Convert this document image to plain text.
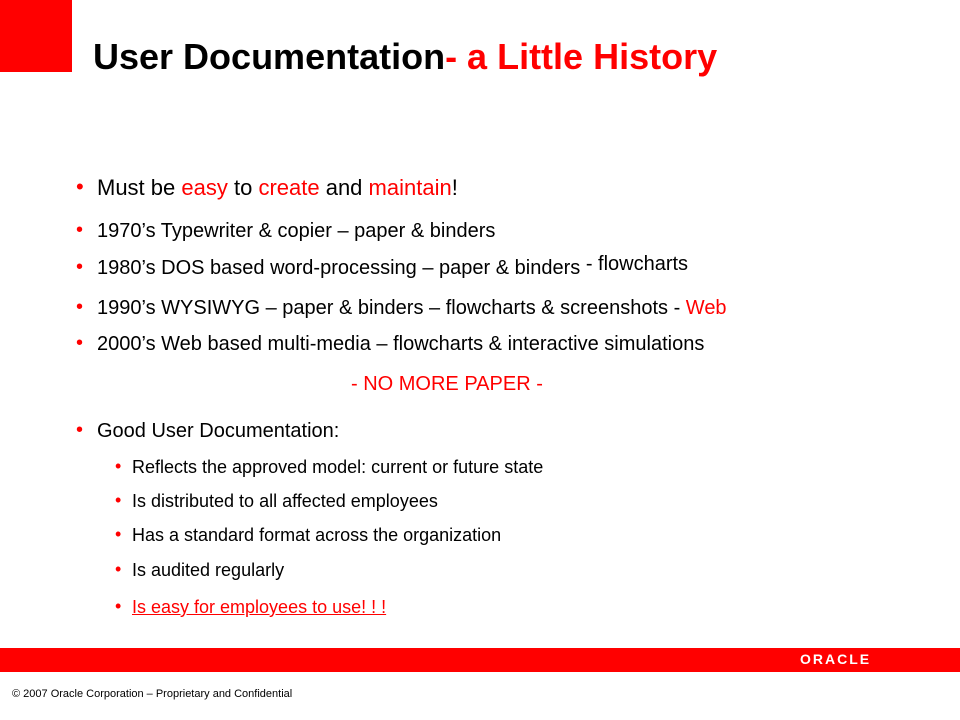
User Documentation- a Little History
• Must be easy to create and maintain!
• 1970’s Typewriter & copier – paper & binders
• 1980’s DOS based word-processing – paper & binders - flowcharts
• 1990’s WYSIWYG – paper & binders – flowcharts & screenshots - Web
• 2000’s Web based multi-media – flowcharts & interactive simulations
- NO MORE PAPER -
• Good User Documentation:
• Reflects the approved model: current or future state
• Is distributed to all affected employees
• Has a standard format across the organization
• Is audited regularly
• Is easy for employees to use! ! !
ORACLE
© 2007 Oracle Corporation – Proprietary and Confidential
